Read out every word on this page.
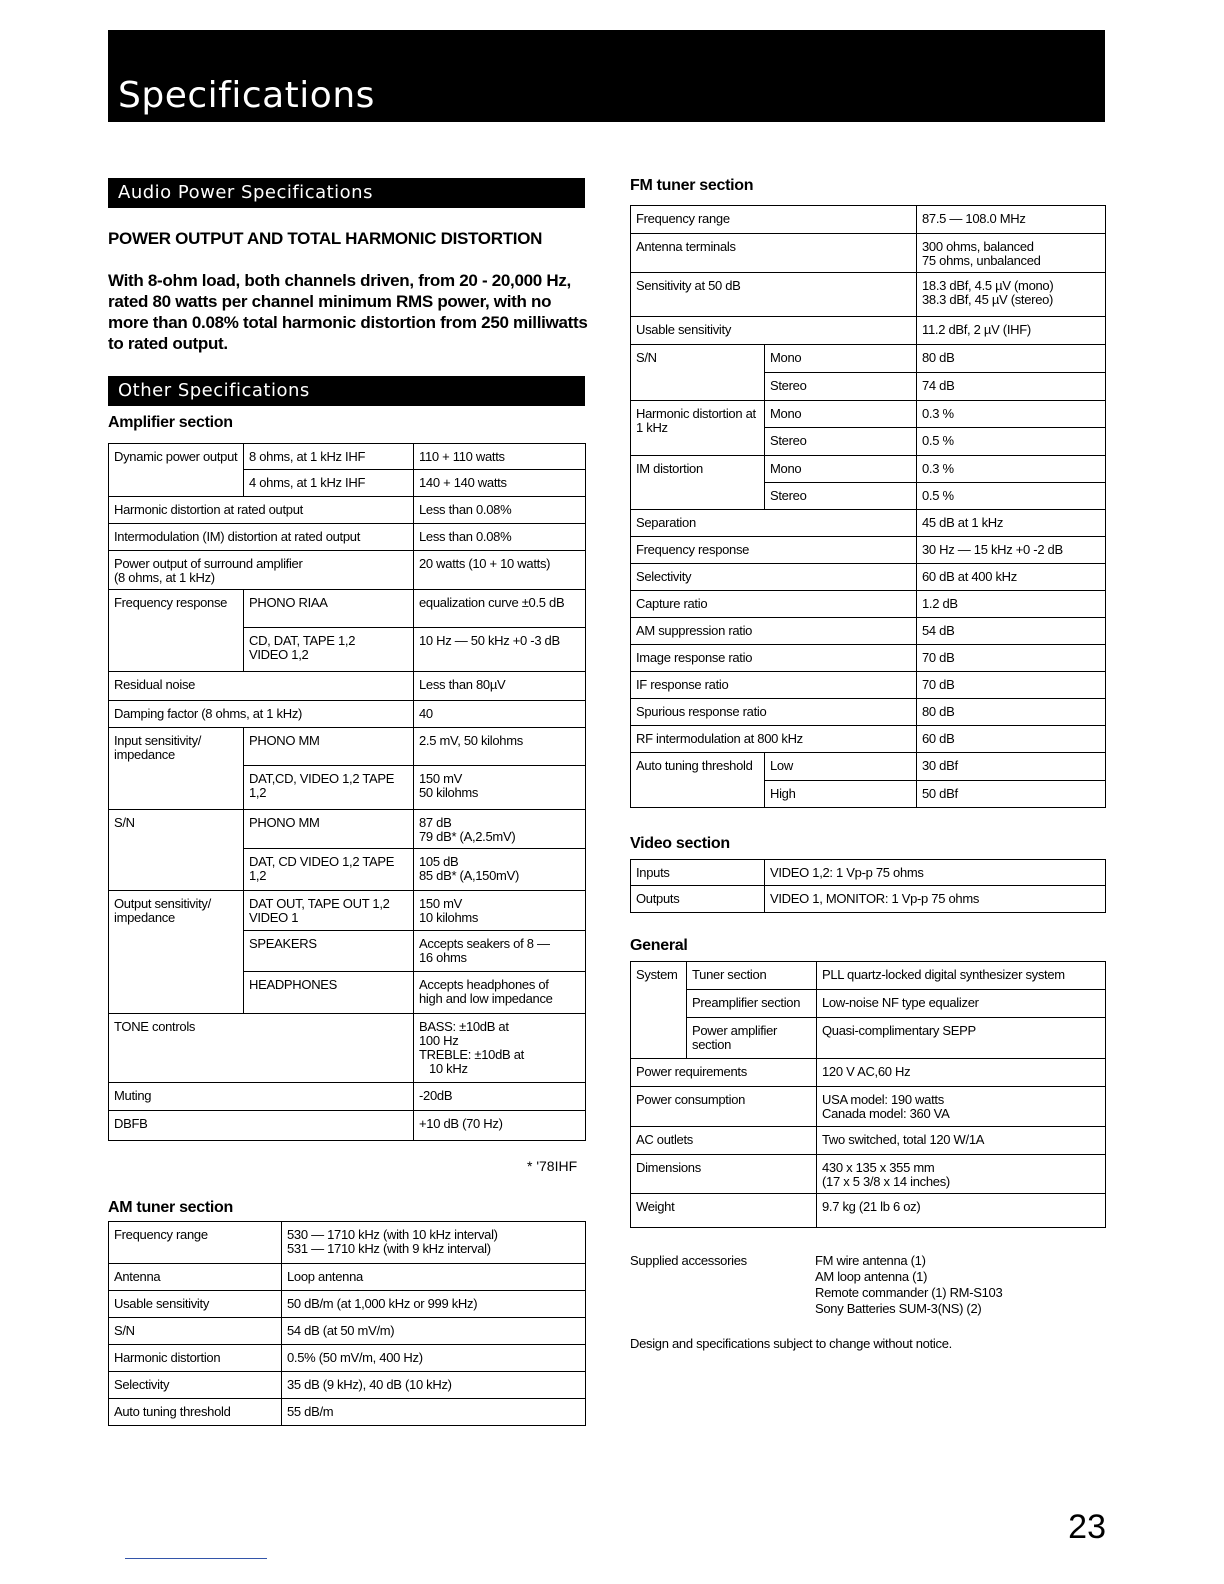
Specifications
Audio Power Specifications
POWER OUTPUT AND TOTAL HARMONIC DISTORTION
With 8-ohm load, both channels driven, from 20 - 20,000 Hz, rated 80 watts per channel minimum RMS power, with no more than 0.08% total harmonic distortion from 250 milliwatts to rated output.
Other Specifications
Amplifier section
Dynamic power output	8 ohms, at 1 kHz IHF	110 + 110 watts
	4 ohms, at 1 kHz IHF	140 + 140 watts
Harmonic distortion at rated output		Less than 0.08%
Intermodulation (IM) distortion at rated output		Less than 0.08%

Power output of surround amplifier
(8 ohms, at 1 kHz)		20 watts (10 + 10 watts)
Frequency response	PHONO RIAA	equalization curve ±0.5 dB

	CD, DAT, TAPE 1,2
VIDEO 1,2	10 Hz — 50 kHz +0 -3 dB
Residual noise		Less than 80µV
Damping factor (8 ohms, at 1 kHz)		40
Input sensitivity/ impedance	PHONO MM	2.5 mV, 50 kilohms

	DAT,CD, VIDEO 1,2 TAPE
1,2	150 mV
50 kilohms

S/N	PHONO MM	87 dB
79 dB* (A,2.5mV)

	DAT, CD VIDEO 1,2 TAPE
1,2	105 dB
85 dB* (A,150mV)

Output sensitivity/ impedance	DAT OUT, TAPE OUT 1,2
VIDEO 1	150 mV
10 kilohms

	SPEAKERS	Accepts seakers of 8 —
16 ohms

	HEADPHONES	Accepts headphones of
high and low impedance

TONE controls		BASS: ±10dB at
100 Hz
TREBLE: ±10dB at
10 kHz

Muting		-20dB
DBFB		+10 dB (70 Hz)
* '78IHF
AM tuner section
Frequency range	530 — 1710 kHz (with 10 kHz interval)
531 — 1710 kHz (with 9 kHz interval)

Antenna	Loop antenna
Usable sensitivity	50 dB/m (at 1,000 kHz or 999 kHz)
S/N	54 dB (at 50 mV/m)
Harmonic distortion	0.5% (50 mV/m, 400 Hz)
Selectivity	35 dB (9 kHz), 40 dB (10 kHz)
Auto tuning threshold	55 dB/m
FM tuner section
Frequency range		87.5 — 108.0 MHz
Antenna terminals		300 ohms, balanced
75 ohms, unbalanced

Sensitivity at 50 dB		18.3 dBf, 4.5 µV (mono)
38.3 dBf, 45 µV (stereo)

Usable sensitivity		11.2 dBf, 2 µV (IHF)
S/N	Mono	80 dB
	Stereo	74 dB
Harmonic distortion at 1 kHz	Mono	0.3 %
	Stereo	0.5 %
IM distortion	Mono	0.3 %
	Stereo	0.5 %
Separation		45 dB at 1 kHz
Frequency response		30 Hz — 15 kHz +0 -2 dB
Selectivity		60 dB at 400 kHz
Capture ratio		1.2 dB
AM suppression ratio		54 dB
Image response ratio		70 dB
IF response ratio		70 dB
Spurious response ratio		80 dB
RF intermodulation at 800 kHz		60 dB
Auto tuning threshold	Low	30 dBf
	High	50 dBf
Video section
Inputs	VIDEO 1,2: 1 Vp-p 75 ohms
Outputs	VIDEO 1, MONITOR: 1 Vp-p 75 ohms
General
System	Tuner section	PLL quartz-locked digital synthesizer system
	Preamplifier section	Low-noise NF type equalizer
	Power amplifier section	Quasi-complimentary SEPP
Power requirements		120 V AC,60 Hz
Power consumption		USA model: 190 watts
Canada model: 360 VA

AC outlets		Two switched, total 120 W/1A
Dimensions		430 x 135 x 355 mm
(17 x 5 3/8 x 14 inches)

Weight		9.7 kg (21 lb 6 oz)
Supplied accessories	FM wire antenna (1)
AM loop antenna (1)
Remote commander (1) RM-S103
Sony Batteries SUM-3(NS) (2)
Design and specifications subject to change without notice.
23
